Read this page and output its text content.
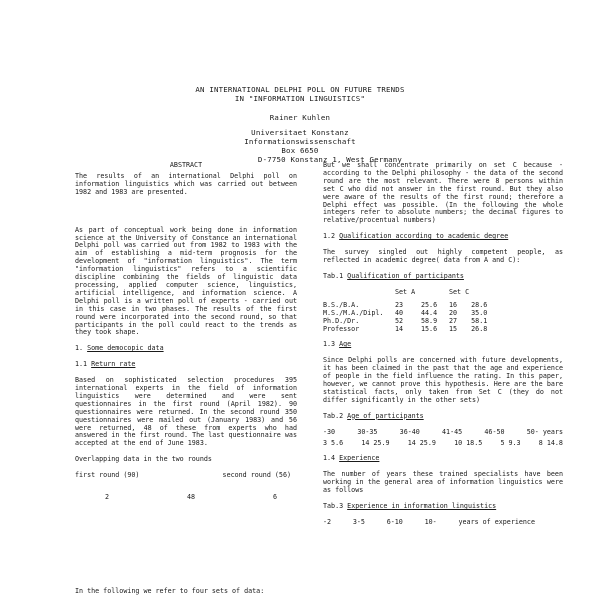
AN INTERNATIONAL DELPHI POLL ON FUTURE TRENDS
IN "INFORMATION LINGUISTICS"
Rainer Kuhlen
Universitaet Konstanz
Informationswissenschaft
Box 6650
D-7750 Konstanz 1, West Germany

ABSTRACT

The results of an international Delphi poll on information linguistics which was carried out between 1982 and 1983 are presented.

As part of conceptual work being done in information science at the University of Constance an international Delphi poll was carried out from 1982 to 1983 with the aim of establishing a mid-term prognosis for the development of "information linguistics". The term "information linguistics" refers to a scientific discipline combining the fields of linguistic data processing, applied computer science, linguistics, artificial intelligence, and information science. A Delphi poll is a written poll of experts - carried out in this case in two phases. The results of the first round were incorporated into the second round, so that participants in the poll could react to the trends as they took shape.

1. Some democopic data

1.1 Return rate

Based on sophisticated selection procedures 395 international experts in the field of information linguistics were determined and were sent questionnaires in the first round (April 1982). 90 questionnaires were returned. In the second round 350 questionnaires were mailed out (January 1983) and 56 were returned, 48 of these from experts who had answered in the first round. The last questionnaire was accepted at the end of June 1983.

Overlapping data in the two rounds

first round (90)	second round (56)
2	48	6
In the following we refer to four sets of data:

But we shall concentrate primarily on set C because - according to the Delphi philosophy - the data of the second round are the most relevant. There were 8 persons within set C who did not answer in the first round. But they also were aware of the results of the first round; therefore a Delphi effect was possible. (In the following the whole integers refer to absolute numbers; the decimal figures to relative/procentual numbers)

1.2 Qualification according to academic degree

The survey singled out highly competent people, as reflected in academic degree( data from A and C):

Tab.1 Qualification of participants

	Set A		Set C	

B.S./B.A.	23	25.6	16	28.6
M.S./M.A./Dipl.	40	44.4	20	35.0
Ph.D./Dr.	52	58.9	27	58.1
Professor	14	15.6	15	26.8

1.3 Age

Since Delphi polls are concerned with future developments, it has been claimed in the past that the age and experience of people in the field influence the rating. In this paper, however, we cannot prove this hypothesis. Here are the bare statistical facts, only taken from Set C (they do not differ significantly in the other sets)

Tab.2 Age of participants

-30	30-35	36-40	41-45	46-50	50- years
3 5.6	14 25.9	14 25.9	10 18.5	5 9.3	8 14.8

1.4 Experience

The number of years these trained specialists have been working in the general area of information linguistics were as follows

Tab.3 Experience in information linguistics

-2	3-5	6-10	10-	years of experience
